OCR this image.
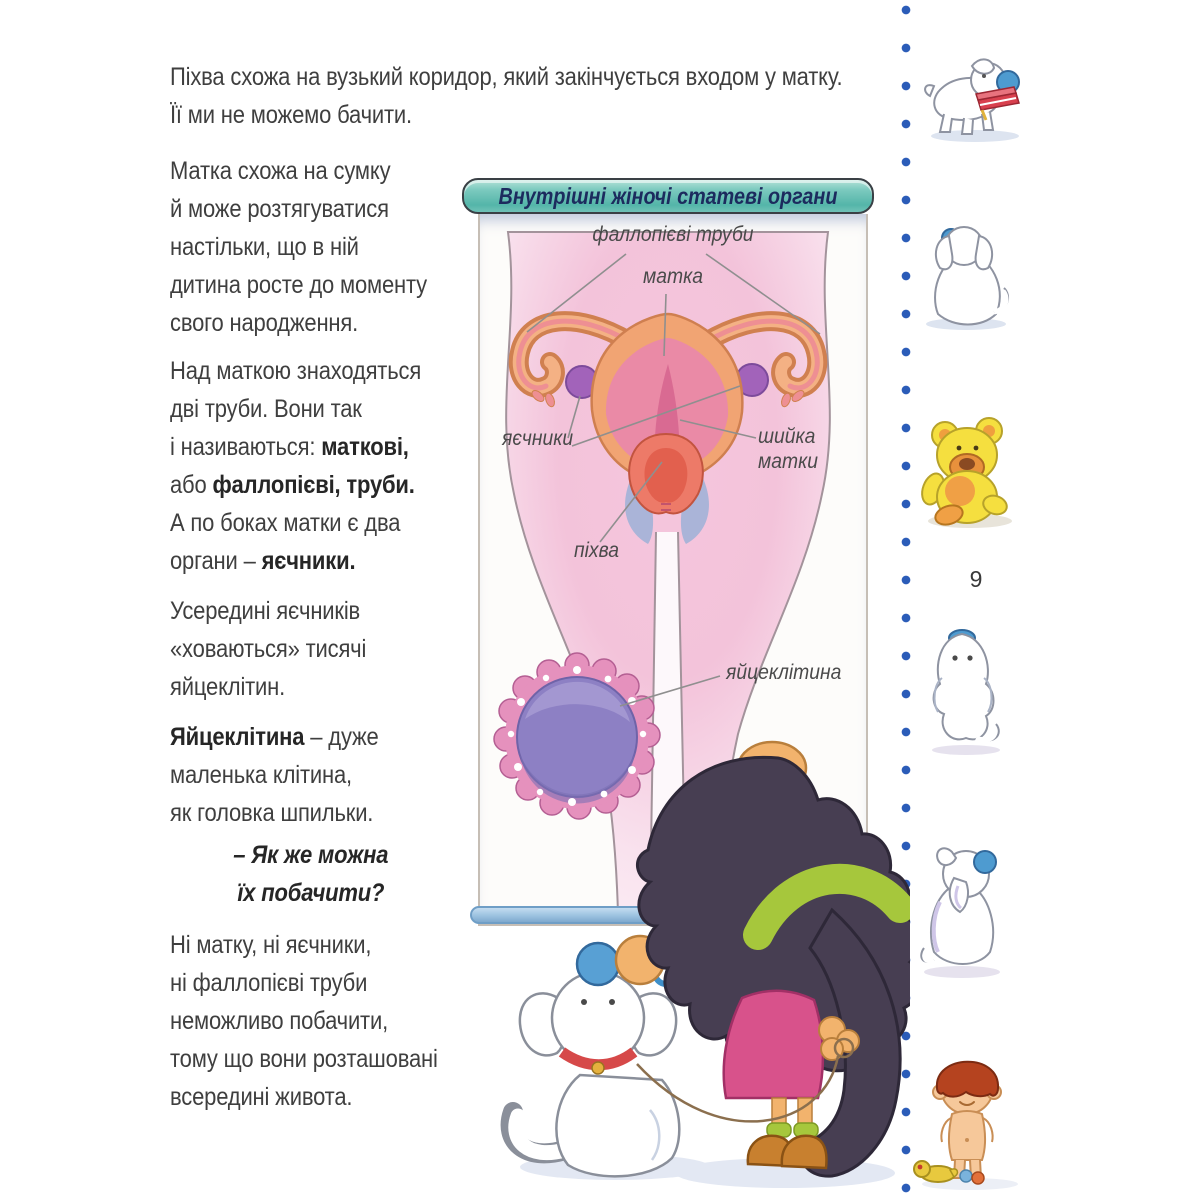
Піхва схожа на вузький коридор, який закінчується входом у матку.
Її ми не можемо бачити.
Матка схожа на сумку
й може розтягуватися
настільки, що в ній
дитина росте до моменту
свого народження.
Над маткою знаходяться
дві труби. Вони так
і називаються: маткові,
або фаллопієві, труби.
А по боках матки є два
органи – яєчники.
Усередині яєчників
«ховаються» тисячі
яйцеклітин.
Яйцеклітина – дуже
маленька клітина,
як головка шпильки.
– Як же можна
їх побачити?
Ні матку, ні яєчники,
ні фаллопієві труби
неможливо побачити,
тому що вони розташовані
всередині живота.
Внутрішні жіночі статеві органи
фаллопієві труби
матка
яєчники	шийка матки
піхва
яйцеклітина
9
